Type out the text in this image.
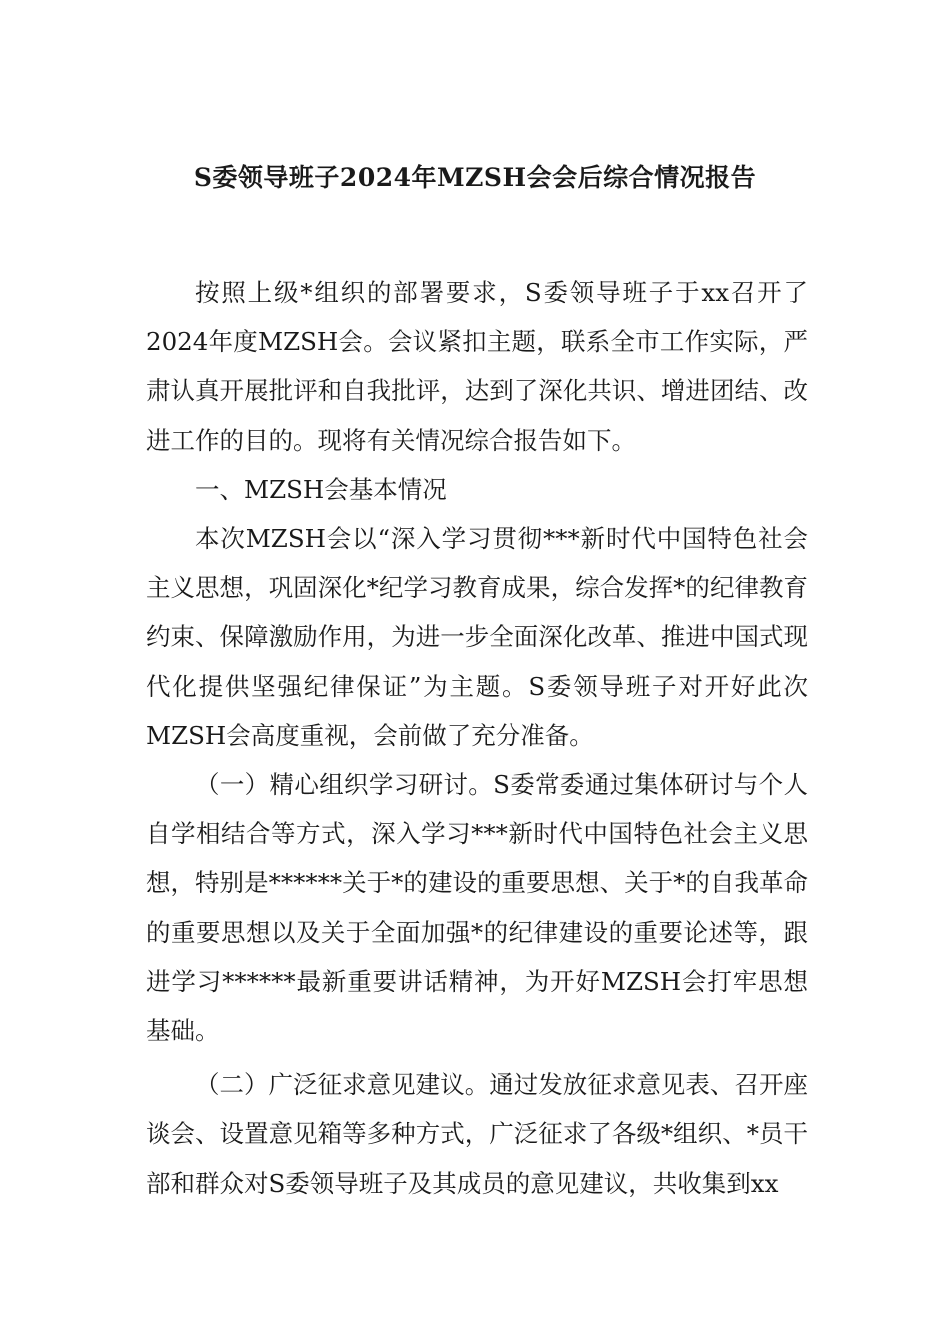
S委领导班子2024年MZSH会会后综合情况报告

按照上级*组织的部署要求，S委领导班子于xx召开了2024年度MZSH会。会议紧扣主题，联系全市工作实际，严肃认真开展批评和自我批评，达到了深化共识、增进团结、改进工作的目的。现将有关情况综合报告如下。

一、MZSH会基本情况

本次MZSH会以“深入学习贯彻***新时代中国特色社会主义思想，巩固深化*纪学习教育成果，综合发挥*的纪律教育约束、保障激励作用，为进一步全面深化改革、推进中国式现代化提供坚强纪律保证”为主题。S委领导班子对开好此次MZSH会高度重视，会前做了充分准备。

（一）精心组织学习研讨。S委常委通过集体研讨与个人自学相结合等方式，深入学习***新时代中国特色社会主义思想，特别是******关于*的建设的重要思想、关于*的自我革命的重要思想以及关于全面加强*的纪律建设的重要论述等，跟进学习******最新重要讲话精神，为开好MZSH会打牢思想基础。

（二）广泛征求意见建议。通过发放征求意见表、召开座谈会、设置意见箱等多种方式，广泛征求了各级*组织、*员干部和群众对S委领导班子及其成员的意见建议，共收集到xx
